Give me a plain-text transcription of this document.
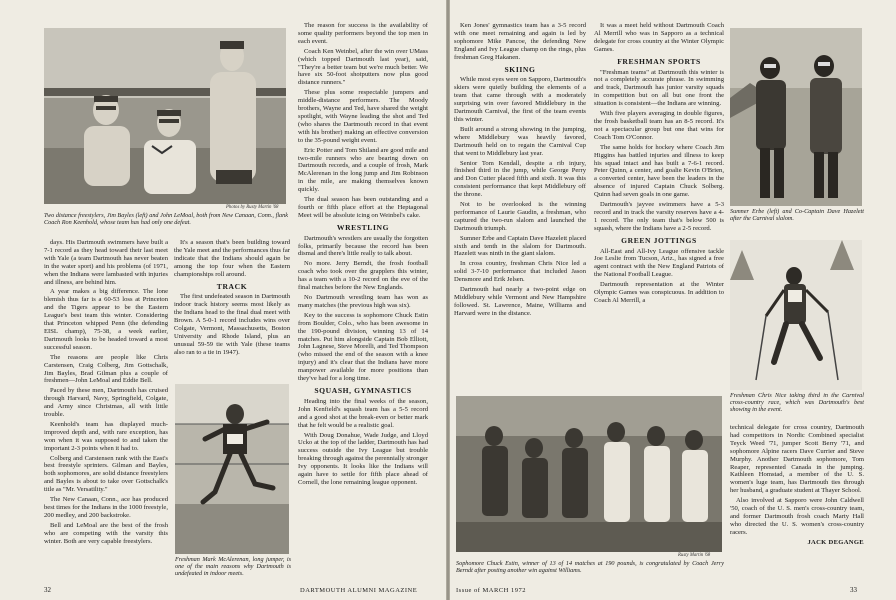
Photos by Rusty Martin '68
Two distance freestylers, Jim Bayles (left) and John LeMoal, both from New Canaan, Conn., flank Coach Ron Keenhold, whose team has had only one defeat.

days. His Dartmouth swimmers have built a 7-1 record as they head toward their last meet with Yale (a team Dartmouth has never beaten in the water sport) and his problems (of 1971, when the Indians were lambasted with injuries and illness, are behind him.

A year makes a big difference. The lone blemish thus far is a 60-53 loss at Princeton and the Tigers appear to be the Eastern League's best team this winter. Considering that Princeton whipped Penn (the defending EISL champ), 75-38, a week earlier, Dartmouth looks to be headed toward a most successful season.

The reasons are people like Chris Carstensen, Craig Colberg, Jim Gottschalk, Jim Bayles, Brad Gilman plus a couple of freshmen—John LeMoal and Eddie Bell.

Paced by these men, Dartmouth has cruised through Harvard, Navy, Springfield, Colgate, and Army since Christmas, all with little trouble.

Keenhold's team has displayed much-improved depth and, with rare exception, has won when it was supposed to and taken the important 2-3 points when it had to.

Colberg and Carstensen rank with the East's best freestyle sprinters. Gilman and Bayles, both sophomores, are solid distance freestylers and Bayles is about to take over Gottschalk's title as "Mr. Versatility."

The New Canaan, Conn., ace has produced best times for the Indians in the 1000 freestyle, 200 medley, and 200 backstroke.

Bell and LeMoal are the best of the frosh who are competing with the varsity this winter. Both are very capable freestylers.

It's a season that's been building toward the Yale meet and the performances thus far indicate that the Indians should again be among the top four when the Eastern championships roll around.

TRACK

The first undefeated season in Dartmouth indoor track history seems most likely as the Indians head to the final dual meet with Brown. A 5-0-1 record includes wins over Colgate, Vermont, Massachusetts, Boston University and Rhode Island, plus an unusual 59-59 tie with Yale (these teams also ran to a tie in 1947).

Freshman Mark McAlerenan, long jumper, is one of the main reasons why Dartmouth is undefeated in indoor meets.

The reason for success is the availability of some quality performers beyond the top men in each event.

Coach Ken Weinbel, after the win over UMass (which topped Dartmouth last year), said, "They're a better team but we're much better. We have six 50-foot shotputters now plus good distance runners."

These plus some respectable jumpers and middle-distance performers. The Moody brothers, Wayne and Ted, have shared the weight spotlight, with Wayne leading the shot and Ted (who shares the Dartmouth record in that event with his brother) making an effective conversion to the 35-pound weight event.

Eric Potter and Tom Shiland are good mile and two-mile runners who are bearing down on Dartmouth records, and a couple of frosh, Mark McAlerenan in the long jump and Jim Robinson in the mile, are making themselves known quickly.

The dual season has been outstanding and a fourth or fifth place effort at the Heptagonal Meet will be absolute icing on Weinbel's cake.

WRESTLING

Dartmouth's wrestlers are usually the forgotten folks, primarily because the record has been dismal and there's little really to talk about.

No more. Jerry Berndt, the frosh football coach who took over the grapplers this winter, has a team with a 10-2 record on the eve of the final matches before the New Englands.

No Dartmouth wrestling team has won as many matches (the previous high was six).

Key to the success is sophomore Chuck Estin from Boulder, Colo., who has been awesome in the 190-pound division, winning 13 of 14 matches. Put him alongside Captain Bob Elliott, John Lagnese, Steve Morelli, and Ted Thompson (who missed the end of the season with a knee injury) and it's clear that the Indians have more manpower available for more positions than they've had for a long time.

SQUASH, GYMNASTICS

Heading into the final weeks of the season, John Kenfield's squash team has a 5-5 record and a good shot at the break-even or better mark that he felt would be a realistic goal.

With Doug Donahue, Wade Judge, and Lloyd Ucko at the top of the ladder, Dartmouth has had success outside the Ivy League but trouble breaking through against the perennially stronger Ivy opponents. It looks like the Indians will again have to settle for fifth place ahead of Cornell, the lone remaining league opponent.

32	DARTMOUTH ALUMNI MAGAZINE

Ken Jones' gymnastics team has a 3-5 record with one meet remaining and again is led by sophomore Mike Pancoe, the defending New England and Ivy League champ on the rings, plus freshman Greg Hakanen.

SKIING

While most eyes were on Sapporo, Dartmouth's skiers were quietly building the elements of a team that came through with a moderately surprising win over favored Middlebury in the Dartmouth Carnival, the first of the team events this winter.

Built around a strong showing in the jumping, where Middlebury was heavily favored, Dartmouth held on to regain the Carnival Cup that went to Middlebury last year.

Senior Tom Kendall, despite a rib injury, finished third in the jump, while George Perry and Don Cutter placed fifth and sixth. It was this consistent performance that kept Middlebury off the throne.

Not to be overlooked is the winning performance of Laurie Gaudin, a freshman, who captured the two-run slalom and launched the Dartmouth triumph.

Sumner Erbe and Captain Dave Hazelett placed sixth and tenth in the slalom for Dartmouth. Hazelett was ninth in the giant slalom.

In cross country, freshman Chris Nice led a solid 3-7-10 performance that included Jason Densmore and Erik Jelsen.

Dartmouth had nearly a two-point edge on Middlebury while Vermont and New Hampshire followed. St. Lawrence, Maine, Williams and Harvard were in the distance.

It was a meet held without Dartmouth Coach Al Merrill who was in Sapporo as a technical delegate for cross country at the Winter Olympic Games.

FRESHMAN SPORTS

"Freshman teams" at Dartmouth this winter is not a completely accurate phrase. In swimming and track, Dartmouth has junior varsity squads in competition but on all but one front the situation is consistent—the Indians are winning.

With five players averaging in double figures, the frosh basketball team has an 8-5 record. It's not a spectacular group but one that wins for Coach Tom O'Connor.

The same holds for hockey where Coach Jim Higgins has battled injuries and illness to keep his squad intact and has built a 7-6-1 record. Peter Quinn, a center, and goalie Kevin O'Brien, a converted center, have been the leaders in the absence of injured Captain Chuck Solberg. Quinn had seven goals in one game.

Dartmouth's jayvee swimmers have a 5-3 record and in track the varsity reserves have a 4-1 record. The only team that's below 500 is squash, where the Indians have a 2-5 record.

GREEN JOTTINGS

All-East and All-Ivy League offensive tackle Joe Leslie from Tucson, Ariz., has signed a free agent contract with the New England Patriots of the National Football League.

Dartmouth representation at the Winter Olympic Games was conspicuous. In addition to Coach Al Merrill, a

Sumner Erbe (left) and Co-Captain Dave Hazelett after the Carnival slalom.
Freshman Chris Nice taking third in the Carnival cross-country race, which was Dartmouth's best showing in the event.

technical delegate for cross country, Dartmouth had competitors in Nordic Combined specialist Teyck Weed '71, jumper Scott Berry '71, and sophomore Alpine racers Dave Currier and Steve Murphy. Another Dartmouth sophomore, Tom Reaper, represented Canada in the jumping. Kathleen Homstad, a member of the U. S. women's luge team, has Dartmouth ties through her husband, a graduate student at Thayer School.

Also involved at Sapporo were John Caldwell '50, coach of the U. S. men's cross-country team, and former Dartmouth frosh coach Marty Hall who directed the U. S. women's cross-country racers.

JACK DEGANGE
Rusty Martin '68
Sophomore Chuck Estin, winner of 13 of 14 matches at 190 pounds, is congratulated by Coach Jerry Berndt after posting another win against Williams.
Issue of MARCH 1972	33
